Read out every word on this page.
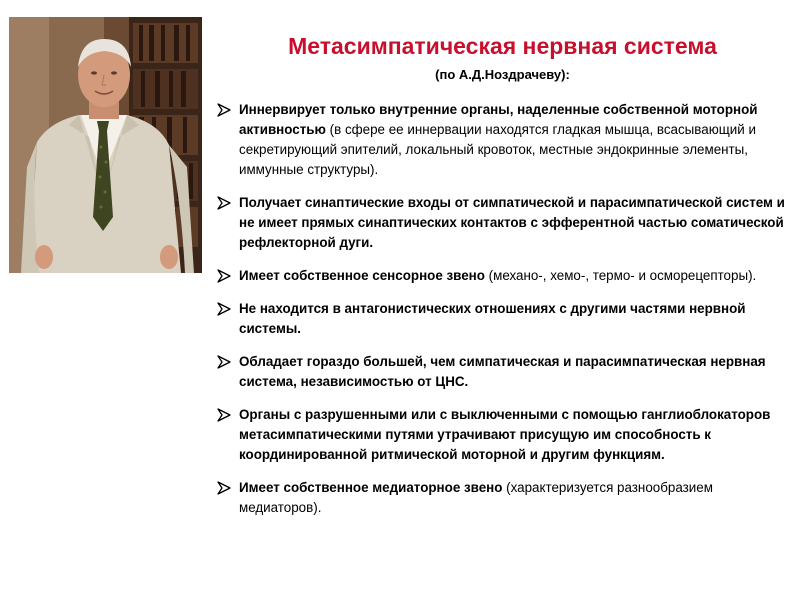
Метасимпатическая нервная система
(по А.Д.Ноздрачеву):
Иннервирует только внутренние органы, наделенные собственной моторной активностью (в сфере ее иннервации находятся гладкая мышца, всасывающий и секретирующий эпителий, локальный кровоток, местные эндокринные элементы, иммунные структуры).
Получает синаптические входы от симпатической и парасимпатической систем и не имеет прямых синаптических контактов с эфферентной частью соматической рефлекторной дуги.
Имеет собственное сенсорное звено (механо-, хемо-, термо- и осморецепторы).
Не находится в антагонистических отношениях с другими частями нервной системы.
Обладает гораздо большей, чем симпатическая и парасимпатическая нервная система, независимостью от ЦНС.
Органы с разрушенными или с выключенными с помощью ганглиоблокаторов метасимпатическими путями утрачивают присущую им способность к координированной ритмической моторной и другим функциям.
Имеет собственное медиаторное звено (характеризуется разнообразием медиаторов).
